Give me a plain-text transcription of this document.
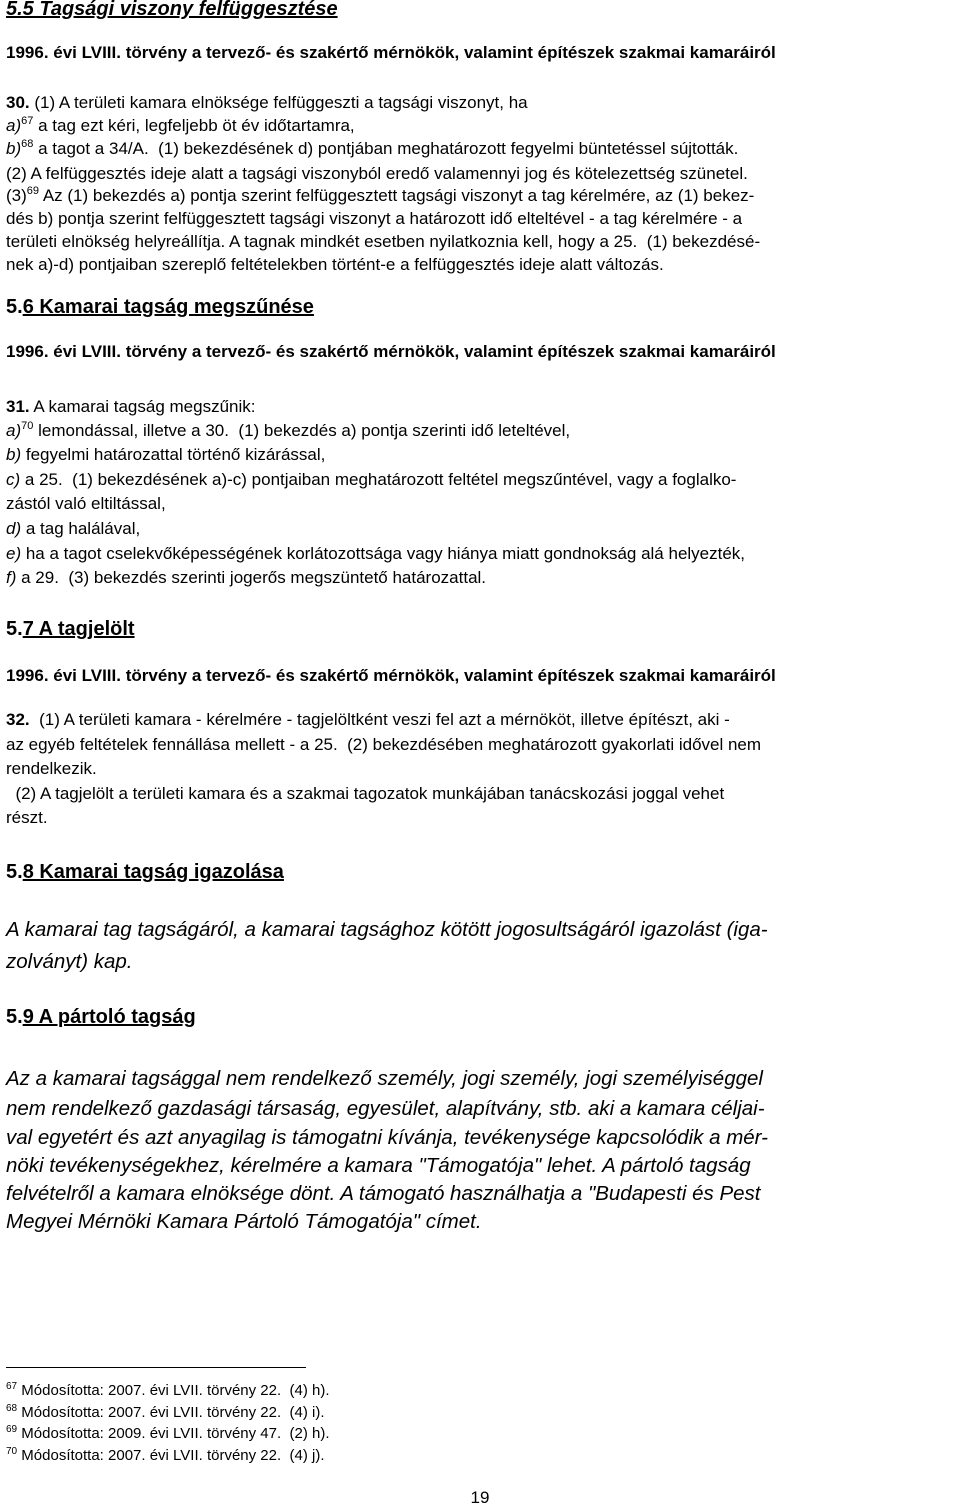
5.5 Tagsági viszony felfüggesztése
1996. évi LVIII. törvény a tervező- és szakértő mérnökök, valamint építészek szakmai kamaráiról
30. (1) A területi kamara elnöksége felfüggeszti a tagsági viszonyt, ha
a)$^{67}$ a tag ezt kéri, legfeljebb öt év időtartamra,
b)$^{68}$ a tagot a 34/A.  (1) bekezdésének d) pontjában meghatározott fegyelmi büntetéssel sújtották.
(2) A felfüggesztés ideje alatt a tagsági viszonyból eredő valamennyi jog és kötelezettség szünetel.
$(3)^{69}$ Az (1) bekezdés a) pontja szerint felfüggesztett tagsági viszonyt a tag kérelmére, az (1) bekez-
dés b) pontja szerint felfüggesztett tagsági viszonyt a határozott idő elteltével - a tag kérelmére - a
területi elnökség helyreállítja. A tagnak mindkét esetben nyilatkoznia kell, hogy a 25.  (1) bekezdésé-
nek a)-d) pontjaiban szereplő feltételekben történt-e a felfüggesztés ideje alatt változás.
5.6 Kamarai tagság megszűnése
1996. évi LVIII. törvény a tervező- és szakértő mérnökök, valamint építészek szakmai kamaráiról
31. A kamarai tagság megszűnik:
a)$^{70}$ lemondással, illetve a 30.  (1) bekezdés a) pontja szerinti idő leteltével,
b) fegyelmi határozattal történő kizárással,
c) a 25.  (1) bekezdésének a)-c) pontjaiban meghatározott feltétel megszűntével, vagy a foglalko-
zástól való eltiltással,
d) a tag halálával,
e) ha a tagot cselekvőképességének korlátozottsága vagy hiánya miatt gondnokság alá helyezték,
f) a 29.  (3) bekezdés szerinti jogerős megszüntető határozattal.
5.7 A tagjelölt
1996. évi LVIII. törvény a tervező- és szakértő mérnökök, valamint építészek szakmai kamaráiról
32.  (1) A területi kamara - kérelmére - tagjelöltként veszi fel azt a mérnököt, illetve építészt, aki -
az egyéb feltételek fennállása mellett - a 25.  (2) bekezdésében meghatározott gyakorlati idővel nem
rendelkezik.
(2) A tagjelölt a területi kamara és a szakmai tagozatok munkájában tanácskozási joggal vehet
részt.
5.8 Kamarai tagság igazolása
A kamarai tag tagságáról, a kamarai tagsághoz kötött jogosultságáról igazolást (iga-
zolványt) kap.
5.9 A pártoló tagság
Az a kamarai tagsággal nem rendelkező személy, jogi személy, jogi személyiséggel
nem rendelkező gazdasági társaság, egyesület, alapítvány, stb. aki a kamara céljai-
val egyetért és azt anyagilag is támogatni kívánja, tevékenysége kapcsolódik a mér-
nöki tevékenységekhez, kérelmére a kamara "Támogatója" lehet. A pártoló tagság
felvételről a kamara elnöksége dönt. A támogató használhatja a "Budapesti és Pest
Megyei Mérnöki Kamara Pártoló Támogatója" címet.
$^{67}$ Módosította: 2007. évi LVII. törvény 22.  (4) h).
$^{68}$ Módosította: 2007. évi LVII. törvény 22.  (4) i).
$^{69}$ Módosította: 2009. évi LVII. törvény 47.  (2) h).
$^{70}$ Módosította: 2007. évi LVII. törvény 22.  (4) j).
19
